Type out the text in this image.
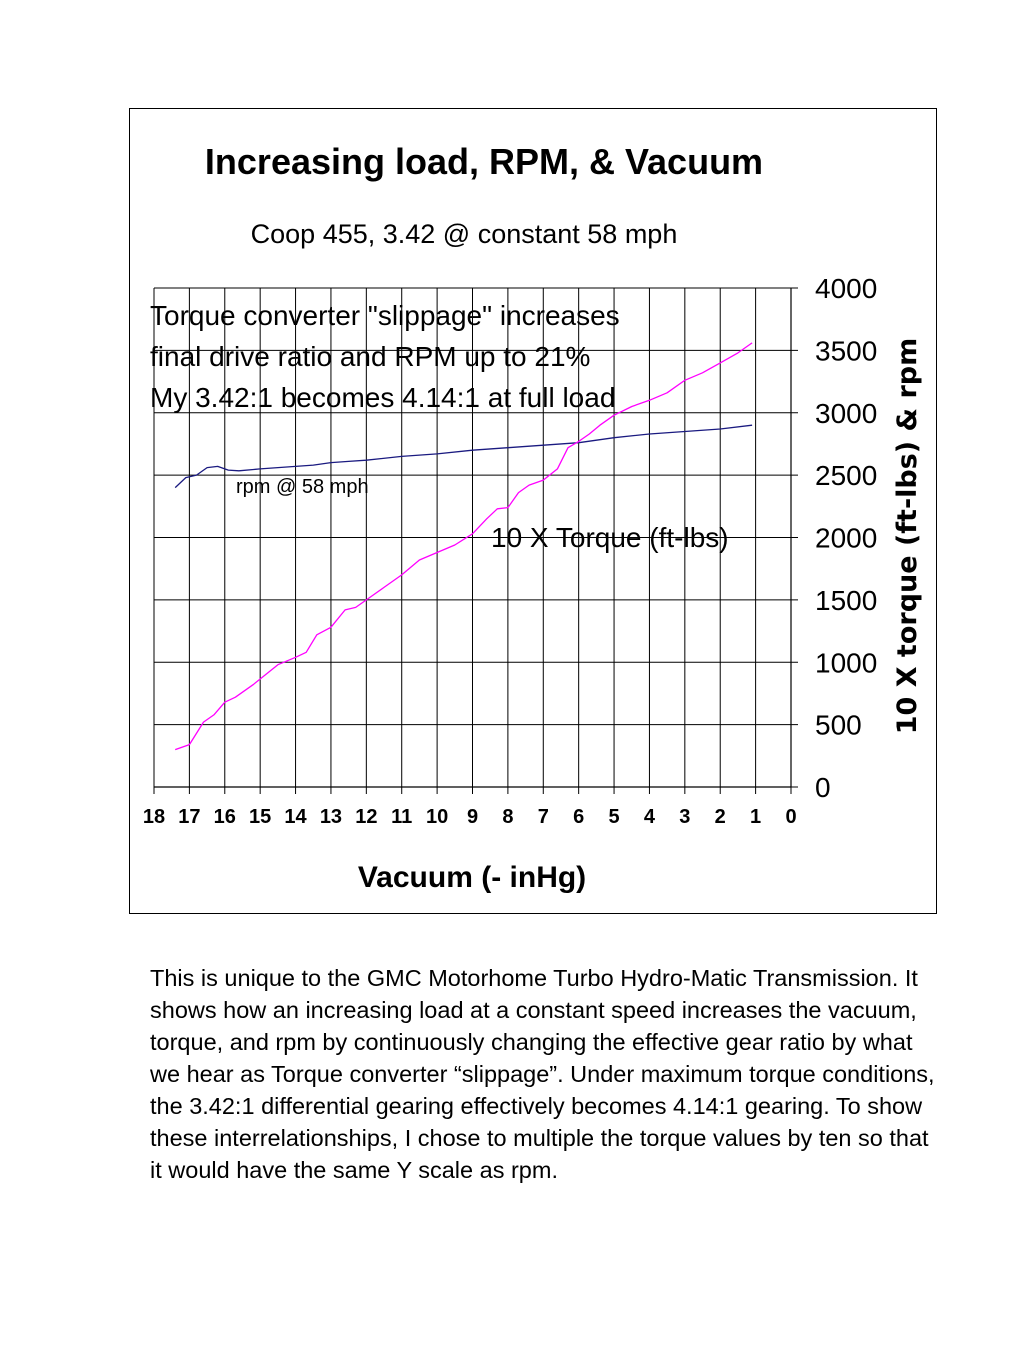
Increasing load, RPM, & Vacuum
Coop 455, 3.42 @ constant 58 mph
18 17 16 15 14 13 12 11 10 9 8 7 6 5 4 3 2 1 0
0
500
1000
1500
2000
2500
3000
3500
4000
Torque converter "slippage" increases
final drive ratio and RPM up to 21%
My 3.42:1 becomes 4.14:1 at full load
rpm @ 58 mph
10 X Torque (ft-lbs)
Vacuum (- inHg)
10 X torque (ft-lbs) & rpm

This is unique to the GMC Motorhome Turbo Hydro-Matic Transmission. It shows how an increasing load at a constant speed increases the vacuum, torque, and rpm by continuously changing the effective gear ratio by what we hear as Torque converter “slippage”. Under maximum torque conditions, the 3.42:1 differential gearing effectively becomes 4.14:1 gearing. To show these interrelationships, I chose to multiple the torque values by ten so that it would have the same Y scale as rpm.
